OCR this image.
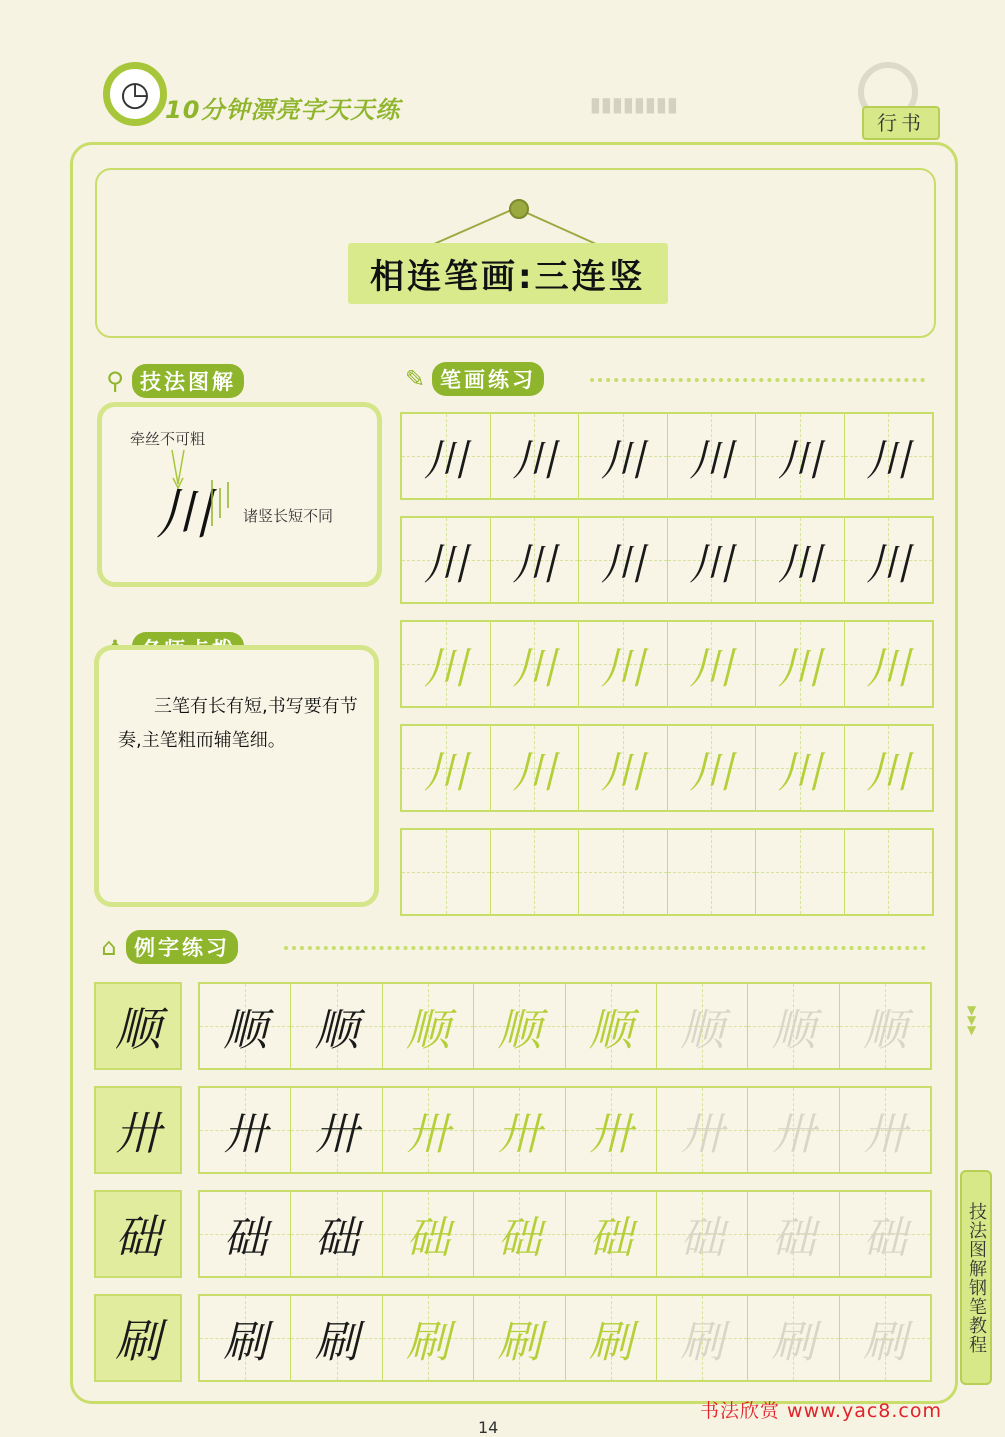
◷ 10分钟漂亮字天天练	▮▮▮▮▮▮▮▮
行书
相连笔画:三连竖
⚲ 技法图解
牵丝不可粗
川 诸竖长短不同
三笔有长有短,书写要有节奏,主笔粗而辅笔细。
✎ 笔画练习
川 川 川 川 川 川
川 川 川 川 川 川
川 川 川 川 川 川
川 川 川 川 川 川
⌂ 例字练习
顺 顺 顺 顺 顺 顺 顺 顺 顺
卅 卅 卅 卅 卅 卅 卅 卅 卅
础 础 础 础 础 础 础 础 础
刷 刷 刷 刷 刷 刷 刷 刷 刷
▼
▼
▼
技法图解钢笔教程
14
书法欣赏 www.yac8.com
